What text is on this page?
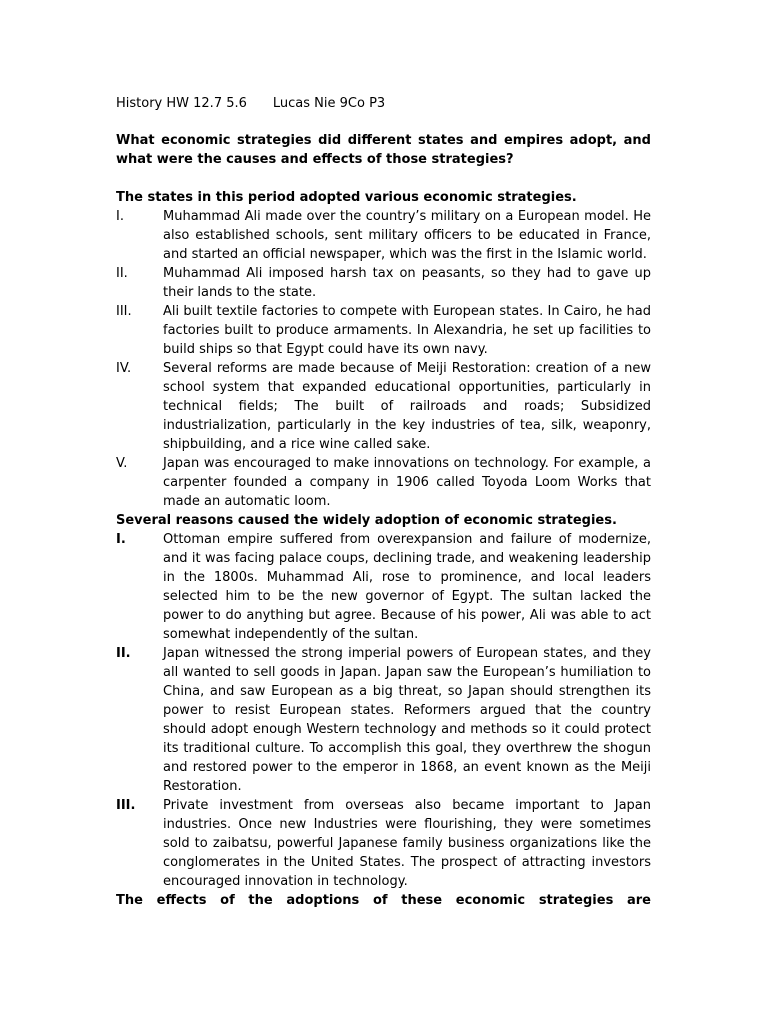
History HW 12.7 5.6 Lucas Nie 9Co P3

What economic strategies did different states and empires adopt, and what were the causes and effects of those strategies?

The states in this period adopted various economic strategies.

I.	Muhammad Ali made over the country’s military on a European model. He also established schools, sent military officers to be educated in France, and started an official newspaper, which was the first in the Islamic world.
II.	Muhammad Ali imposed harsh tax on peasants, so they had to gave up their lands to the state.
III.	Ali built textile factories to compete with European states. In Cairo, he had factories built to produce armaments. In Alexandria, he set up facilities to build ships so that Egypt could have its own navy.
IV.	Several reforms are made because of Meiji Restoration: creation of a new school system that expanded educational opportunities, particularly in technical fields; The built of railroads and roads; Subsidized industrialization, particularly in the key industries of tea, silk, weaponry, shipbuilding, and a rice wine called sake.
V.	Japan was encouraged to make innovations on technology. For example, a carpenter founded a company in 1906 called Toyoda Loom Works that made an automatic loom.

Several reasons caused the widely adoption of economic strategies.

I.	Ottoman empire suffered from overexpansion and failure of modernize, and it was facing palace coups, declining trade, and weakening leadership in the 1800s. Muhammad Ali, rose to prominence, and local leaders selected him to be the new governor of Egypt. The sultan lacked the power to do anything but agree. Because of his power, Ali was able to act somewhat independently of the sultan.
II.	Japan witnessed the strong imperial powers of European states, and they all wanted to sell goods in Japan. Japan saw the European’s humiliation to China, and saw European as a big threat, so Japan should strengthen its power to resist European states. Reformers argued that the country should adopt enough Western technology and methods so it could protect its traditional culture. To accomplish this goal, they overthrew the shogun and restored power to the emperor in 1868, an event known as the Meiji Restoration.
III.	Private investment from overseas also became important to Japan industries. Once new Industries were flourishing, they were sometimes sold to zaibatsu, powerful Japanese family business organizations like the conglomerates in the United States. The prospect of attracting investors encouraged innovation in technology.

The effects of the adoptions of these economic strategies are
